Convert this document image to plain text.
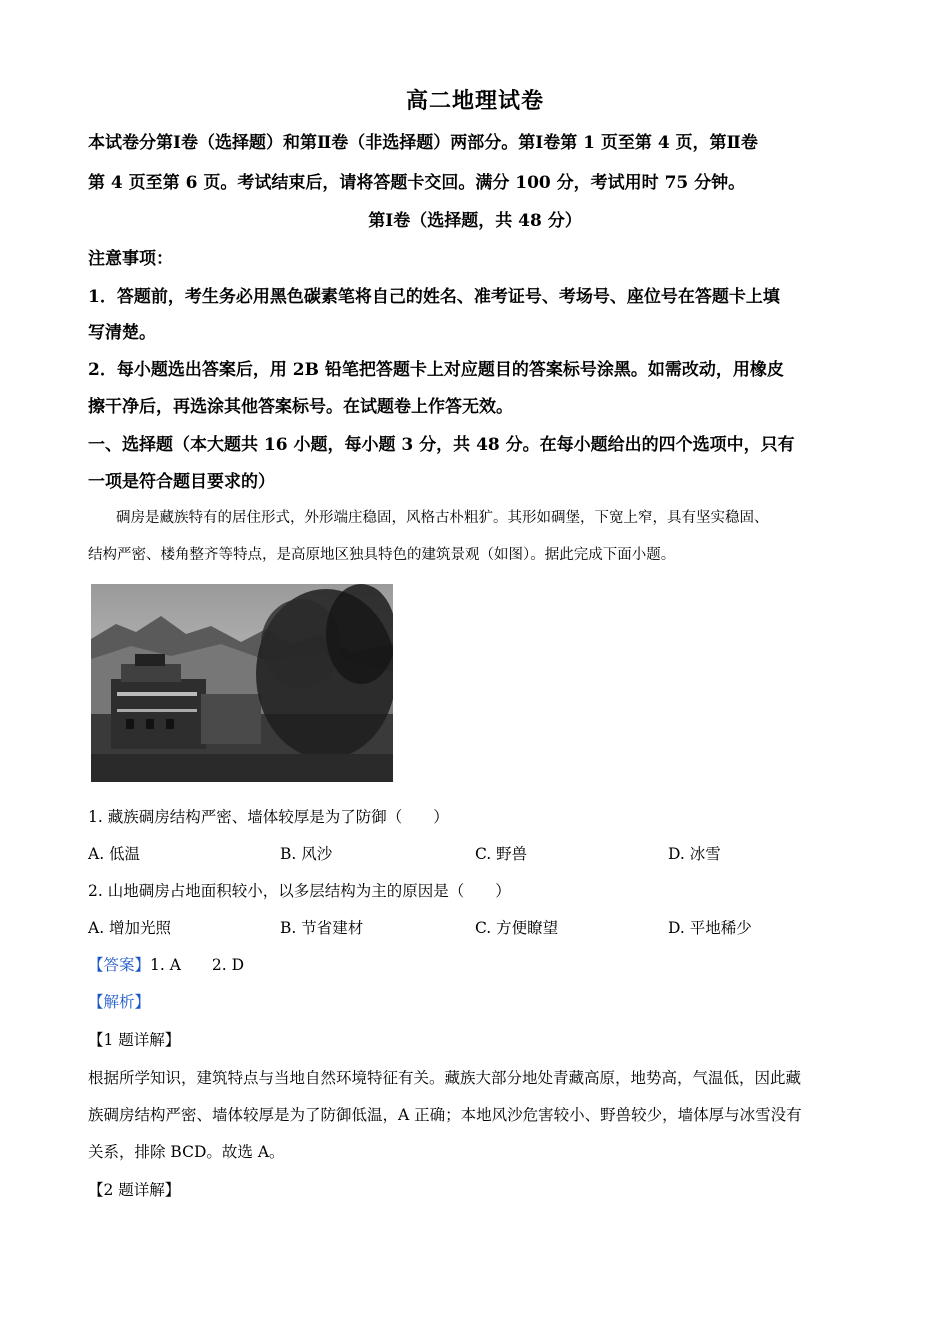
高二地理试卷
本试卷分第Ⅰ卷（选择题）和第Ⅱ卷（非选择题）两部分。第Ⅰ卷第 1 页至第 4 页，第Ⅱ卷
第 4 页至第 6 页。考试结束后，请将答题卡交回。满分 100 分，考试用时 75 分钟。
第Ⅰ卷（选择题，共 48 分）
注意事项：
1．答题前，考生务必用黑色碳素笔将自己的姓名、准考证号、考场号、座位号在答题卡上填
写清楚。
2．每小题选出答案后，用 2B 铅笔把答题卡上对应题目的答案标号涂黑。如需改动，用橡皮
擦干净后，再选涂其他答案标号。在试题卷上作答无效。
一、选择题（本大题共 16 小题，每小题 3 分，共 48 分。在每小题给出的四个选项中，只有
一项是符合题目要求的）
碉房是藏族特有的居住形式，外形端庄稳固，风格古朴粗犷。其形如碉堡，下宽上窄，具有坚实稳固、
结构严密、楼角整齐等特点，是高原地区独具特色的建筑景观（如图）。据此完成下面小题。
1. 藏族碉房结构严密、墙体较厚是为了防御（　　）
A. 低温	B. 风沙	C. 野兽	D. 冰雪
2. 山地碉房占地面积较小，以多层结构为主的原因是（　　）
A. 增加光照	B. 节省建材	C. 方便瞭望	D. 平地稀少
【答案】1. A　　2. D
【解析】
【1 题详解】
根据所学知识，建筑特点与当地自然环境特征有关。藏族大部分地处青藏高原，地势高，气温低，因此藏
族碉房结构严密、墙体较厚是为了防御低温，A 正确；本地风沙危害较小、野兽较少，墙体厚与冰雪没有
关系，排除 BCD。故选 A。
【2 题详解】
